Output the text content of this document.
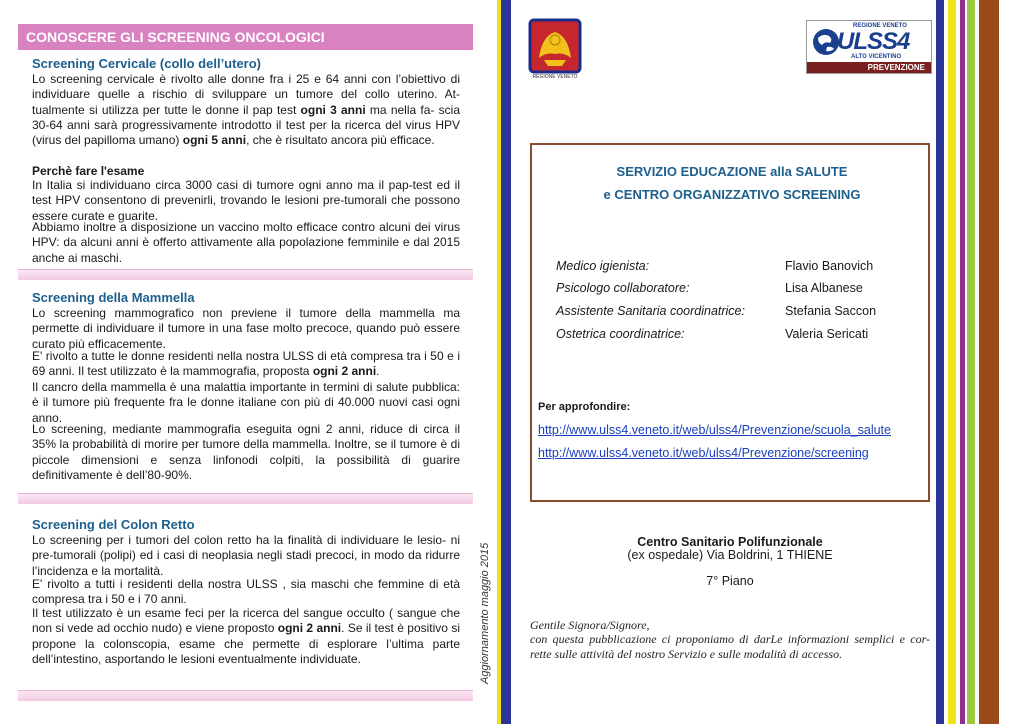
CONOSCERE GLI SCREENING ONCOLOGICI
Screening Cervicale (collo dell’utero)
Lo screening cervicale è rivolto alle donne fra i 25 e 64 anni con l’obiettivo di individuare quelle a rischio di sviluppare un tumore del collo uterino. At- tualmente si utilizza per tutte le donne il pap test ogni 3 anni ma nella fa- scia 30-64 anni sarà progressivamente introdotto il test per la ricerca del virus HPV (virus del papilloma umano) ogni 5 anni, che è risultato ancora più efficace.
Perchè fare l'esame
In Italia si individuano circa 3000 casi di tumore ogni anno ma il pap-test ed il test HPV consentono di prevenirli, trovando le lesioni pre-tumorali che possono essere curate e guarite.
Abbiamo inoltre a disposizione un vaccino molto efficace contro alcuni dei virus HPV: da alcuni anni è offerto attivamente alla popolazione femminile e dal 2015 anche ai maschi.
Screening della Mammella
Lo screening mammografico non previene il tumore della mammella ma permette di individuare il tumore in una fase molto precoce, quando può essere curato più efficacemente.
E' rivolto a tutte le donne residenti nella nostra ULSS di età compresa tra i 50 e i 69 anni. Il test utilizzato è la mammografia, proposta ogni 2 anni.
Il cancro della mammella è una malattia importante in termini di salute pubblica: è il tumore più frequente fra le donne italiane con più di 40.000 nuovi casi ogni anno.
Lo screening, mediante mammografia eseguita ogni 2 anni, riduce di circa il 35% la probabilità di morire per tumore della mammella. Inoltre, se il tumore è di piccole dimensioni e senza linfonodi colpiti, la possibilità di guarire definitivamente è dell’80-90%.
Screening del Colon Retto
Lo screening per i tumori del colon retto ha la finalità di individuare le lesio- ni pre-tumorali (polipi) ed i casi di neoplasia negli stadi precoci, in modo da ridurre l’incidenza e la mortalità.
E' rivolto a tutti i residenti della nostra ULSS , sia maschi che femmine di età compresa tra i 50 e i 70 anni.
Il test utilizzato è un esame feci per la ricerca del sangue occulto ( sangue che non si vede ad occhio nudo) e viene proposto ogni 2 anni. Se il test è positivo si propone la colonscopia, esame che permette di esplorare l’ultima parte dell’intestino, asportando le lesioni eventualmente individuate.	Aggiornamento maggio 2015
REGIONE VENETO
REGIONE VENETO
ULSS4
ALTO VICENTINO
PREVENZIONE
SERVIZIO EDUCAZIONE alla SALUTE
e CENTRO ORGANIZZATIVO SCREENING
Medico igienista:	Flavio Banovich
Psicologo collaboratore:	Lisa Albanese
Assistente Sanitaria coordinatrice:	Stefania Saccon
Ostetrica coordinatrice:	Valeria Sericati
Per approfondire:
http://www.ulss4.veneto.it/web/ulss4/Prevenzione/scuola_salute
http://www.ulss4.veneto.it/web/ulss4/Prevenzione/screening
Centro Sanitario Polifunzionale
(ex ospedale) Via Boldrini, 1 THIENE
7° Piano
Gentile Signora/Signore,
con questa pubblicazione ci proponiamo di darLe informazioni semplici e cor- rette sulle attività del nostro Servizio e sulle modalità di accesso.
